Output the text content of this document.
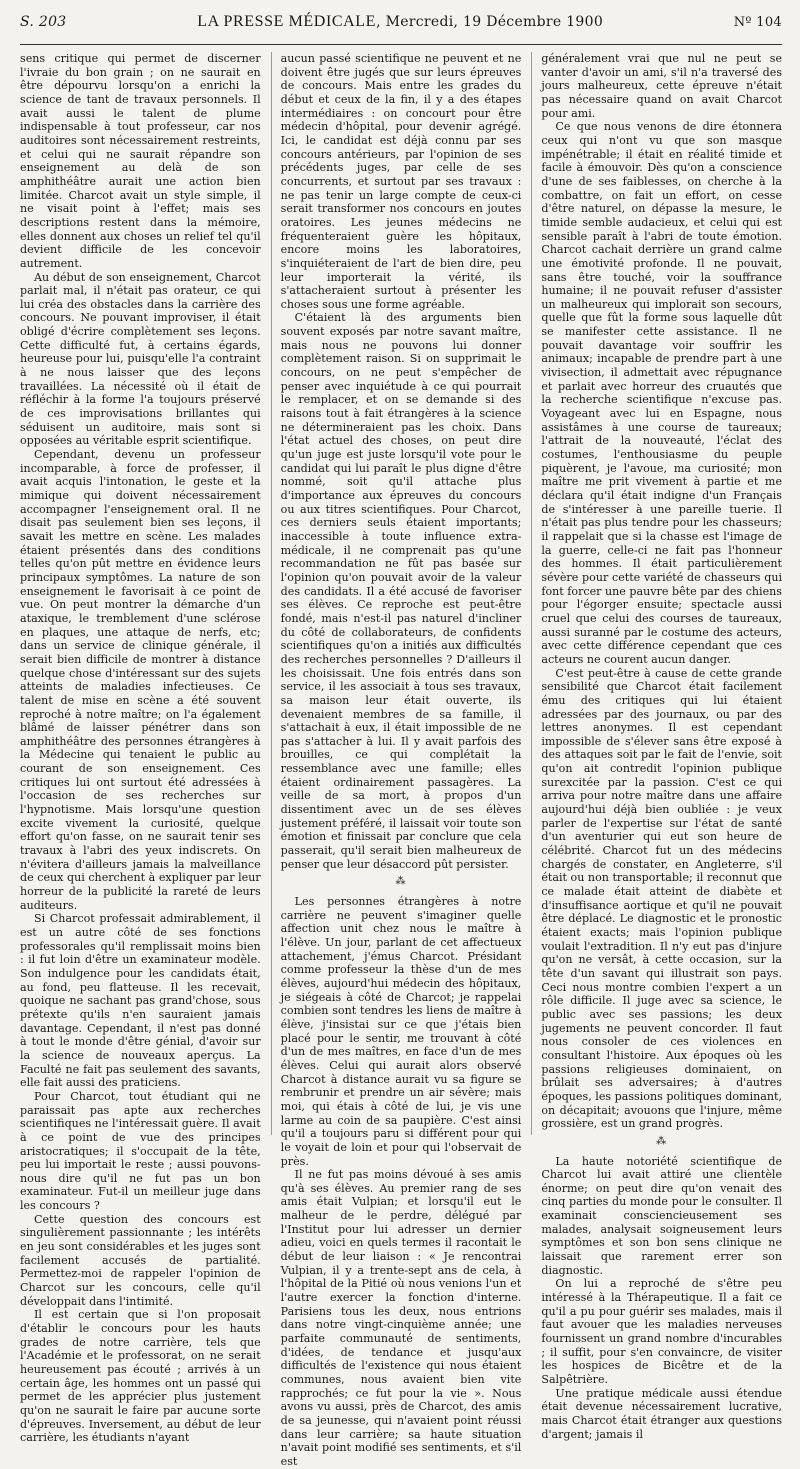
S. 203	LA PRESSE MÉDICALE, Mercredi, 19 Décembre 1900	Nº 104

sens critique qui permet de discerner l'ivraie du bon grain ; on ne saurait en être dépourvu lorsqu'on a enrichi la science de tant de travaux personnels. Il avait aussi le talent de plume indispensable à tout professeur, car nos auditoires sont nécessairement restreints, et celui qui ne saurait répandre son enseignement au delà de son amphithéâtre aurait une action bien limitée. Charcot avait un style simple, il ne visait point à l'effet; mais ses descriptions restent dans la mémoire, elles donnent aux choses un relief tel qu'il devient difficile de les concevoir autrement.

Au début de son enseignement, Charcot parlait mal, il n'était pas orateur, ce qui lui créa des obstacles dans la carrière des concours. Ne pouvant improviser, il était obligé d'écrire complètement ses leçons. Cette difficulté fut, à certains égards, heureuse pour lui, puisqu'elle l'a contraint à ne nous laisser que des leçons travaillées. La nécessité où il était de réfléchir à la forme l'a toujours préservé de ces improvisations brillantes qui séduisent un auditoire, mais sont si opposées au véritable esprit scientifique.

Cependant, devenu un professeur incomparable, à force de professer, il avait acquis l'intonation, le geste et la mimique qui doivent nécessairement accompagner l'enseignement oral. Il ne disait pas seulement bien ses leçons, il savait les mettre en scène. Les malades étaient présentés dans des conditions telles qu'on pût mettre en évidence leurs principaux symptômes. La nature de son enseignement le favorisait à ce point de vue. On peut montrer la démarche d'un ataxique, le tremblement d'une sclérose en plaques, une attaque de nerfs, etc; dans un service de clinique générale, il serait bien difficile de montrer à distance quelque chose d'intéressant sur des sujets atteints de maladies infectieuses. Ce talent de mise en scène a été souvent reproché à notre maître; on l'a également blâmé de laisser pénétrer dans son amphithéâtre des personnes étrangères à la Médecine qui tenaient le public au courant de son enseignement. Ces critiques lui ont surtout été adressées à l'occasion de ses recherches sur l'hypnotisme. Mais lorsqu'une question excite vivement la curiosité, quelque effort qu'on fasse, on ne saurait tenir ses travaux à l'abri des yeux indiscrets. On n'évitera d'ailleurs jamais la malveillance de ceux qui cherchent à expliquer par leur horreur de la publicité la rareté de leurs auditeurs.

Si Charcot professait admirablement, il est un autre côté de ses fonctions professorales qu'il remplissait moins bien : il fut loin d'être un examinateur modèle. Son indulgence pour les candidats était, au fond, peu flatteuse. Il les recevait, quoique ne sachant pas grand'chose, sous prétexte qu'ils n'en sauraient jamais davantage. Cependant, il n'est pas donné à tout le monde d'être génial, d'avoir sur la science de nouveaux aperçus. La Faculté ne fait pas seulement des savants, elle fait aussi des praticiens.

Pour Charcot, tout étudiant qui ne paraissait pas apte aux recherches scientifiques ne l'intéressait guère. Il avait à ce point de vue des principes aristocratiques; il s'occupait de la tête, peu lui importait le reste ; aussi pouvons-nous dire qu'il ne fut pas un bon examinateur. Fut-il un meilleur juge dans les concours ?

Cette question des concours est singulièrement passionnante ; les intérêts en jeu sont considérables et les juges sont facilement accusés de partialité. Permettez-moi de rappeler l'opinion de Charcot sur les concours, celle qu'il développait dans l'intimité.

Il est certain que si l'on proposait d'établir le concours pour les hauts grades de notre carrière, tels que l'Académie et le professorat, on ne serait heureusement pas écouté ; arrivés à un certain âge, les hommes ont un passé qui permet de les apprécier plus justement qu'on ne saurait le faire par aucune sorte d'épreuves. Inversement, au début de leur carrière, les étudiants n'ayant

aucun passé scientifique ne peuvent et ne doivent être jugés que sur leurs épreuves de concours. Mais entre les grades du début et ceux de la fin, il y a des étapes intermédiaires : on concourt pour être médecin d'hôpital, pour devenir agrégé. Ici, le candidat est déjà connu par ses concours antérieurs, par l'opinion de ses précédents juges, par celle de ses concurrents, et surtout par ses travaux : ne pas tenir un large compte de ceux-ci serait transformer nos concours en joutes oratoires. Les jeunes médecins ne fréquenteraient guère les hôpitaux, encore moins les laboratoires, s'inquiéteraient de l'art de bien dire, peu leur importerait la vérité, ils s'attacheraient surtout à présenter les choses sous une forme agréable.

C'étaient là des arguments bien souvent exposés par notre savant maître, mais nous ne pouvons lui donner complètement raison. Si on supprimait le concours, on ne peut s'empêcher de penser avec inquiétude à ce qui pourrait le remplacer, et on se demande si des raisons tout à fait étrangères à la science ne détermineraient pas les choix. Dans l'état actuel des choses, on peut dire qu'un juge est juste lorsqu'il vote pour le candidat qui lui paraît le plus digne d'être nommé, soit qu'il attache plus d'importance aux épreuves du concours ou aux titres scientifiques. Pour Charcot, ces derniers seuls étaient importants; inaccessible à toute influence extra-médicale, il ne comprenait pas qu'une recommandation ne fût pas basée sur l'opinion qu'on pouvait avoir de la valeur des candidats. Il a été accusé de favoriser ses élèves. Ce reproche est peut-être fondé, mais n'est-il pas naturel d'incliner du côté de collaborateurs, de confidents scientifiques qu'on a initiés aux difficultés des recherches personnelles ? D'ailleurs il les choisissait. Une fois entrés dans son service, il les associait à tous ses travaux, sa maison leur était ouverte, ils devenaient membres de sa famille, il s'attachait à eux, il était impossible de ne pas s'attacher à lui. Il y avait parfois des brouilles, ce qui complétait la ressemblance avec une famille; elles étaient ordinairement passagères. La veille de sa mort, à propos d'un dissentiment avec un de ses élèves justement préféré, il laissait voir toute son émotion et finissait par conclure que cela passerait, qu'il serait bien malheureux de penser que leur désaccord pût persister.

⁂

Les personnes étrangères à notre carrière ne peuvent s'imaginer quelle affection unit chez nous le maître à l'élève. Un jour, parlant de cet affectueux attachement, j'émus Charcot. Présidant comme professeur la thèse d'un de mes élèves, aujourd'hui médecin des hôpitaux, je siégeais à côté de Charcot; je rappelai combien sont tendres les liens de maître à élève, j'insistai sur ce que j'étais bien placé pour le sentir, me trouvant à côté d'un de mes maîtres, en face d'un de mes élèves. Celui qui aurait alors observé Charcot à distance aurait vu sa figure se rembrunir et prendre un air sévère; mais moi, qui étais à côté de lui, je vis une larme au coin de sa paupière. C'est ainsi qu'il a toujours paru si différent pour qui le voyait de loin et pour qui l'observait de près.

Il ne fut pas moins dévoué à ses amis qu'à ses élèves. Au premier rang de ses amis était Vulpian; et lorsqu'il eut le malheur de le perdre, délégué par l'Institut pour lui adresser un dernier adieu, voici en quels termes il racontait le début de leur liaison : « Je rencontrai Vulpian, il y a trente-sept ans de cela, à l'hôpital de la Pitié où nous venions l'un et l'autre exercer la fonction d'interne. Parisiens tous les deux, nous entrions dans notre vingt-cinquième année; une parfaite communauté de sentiments, d'idées, de tendance et jusqu'aux difficultés de l'existence qui nous étaient communes, nous avaient bien vite rapprochés; ce fut pour la vie ». Nous avons vu aussi, près de Charcot, des amis de sa jeunesse, qui n'avaient point réussi dans leur carrière; sa haute situation n'avait point modifié ses sentiments, et s'il est

généralement vrai que nul ne peut se vanter d'avoir un ami, s'il n'a traversé des jours malheureux, cette épreuve n'était pas nécessaire quand on avait Charcot pour ami.

Ce que nous venons de dire étonnera ceux qui n'ont vu que son masque impénétrable; il était en réalité timide et facile à émouvoir. Dès qu'on a conscience d'une de ses faiblesses, on cherche à la combattre, on fait un effort, on cesse d'être naturel, on dépasse la mesure, le timide semble audacieux, et celui qui est sensible paraît à l'abri de toute émotion. Charcot cachait derrière un grand calme une émotivité profonde. Il ne pouvait, sans être touché, voir la souffrance humaine; il ne pouvait refuser d'assister un malheureux qui implorait son secours, quelle que fût la forme sous laquelle dût se manifester cette assistance. Il ne pouvait davantage voir souffrir les animaux; incapable de prendre part à une vivisection, il admettait avec répugnance et parlait avec horreur des cruautés que la recherche scientifique n'excuse pas. Voyageant avec lui en Espagne, nous assistâmes à une course de taureaux; l'attrait de la nouveauté, l'éclat des costumes, l'enthousiasme du peuple piquèrent, je l'avoue, ma curiosité; mon maître me prit vivement à partie et me déclara qu'il était indigne d'un Français de s'intéresser à une pareille tuerie. Il n'était pas plus tendre pour les chasseurs; il rappelait que si la chasse est l'image de la guerre, celle-ci ne fait pas l'honneur des hommes. Il était particulièrement sévère pour cette variété de chasseurs qui font forcer une pauvre bête par des chiens pour l'égorger ensuite; spectacle aussi cruel que celui des courses de taureaux, aussi suranné par le costume des acteurs, avec cette différence cependant que ces acteurs ne courent aucun danger.

C'est peut-être à cause de cette grande sensibilité que Charcot était facilement ému des critiques qui lui étaient adressées par des journaux, ou par des lettres anonymes. Il est cependant impossible de s'élever sans être exposé à des attaques soit par le fait de l'envie, soit qu'on ait contredit l'opinion publique surexcitée par la passion. C'est ce qui arriva pour notre maître dans une affaire aujourd'hui déjà bien oubliée : je veux parler de l'expertise sur l'état de santé d'un aventurier qui eut son heure de célébrité. Charcot fut un des médecins chargés de constater, en Angleterre, s'il était ou non transportable; il reconnut que ce malade était atteint de diabète et d'insuffisance aortique et qu'il ne pouvait être déplacé. Le diagnostic et le pronostic étaient exacts; mais l'opinion publique voulait l'extradition. Il n'y eut pas d'injure qu'on ne versât, à cette occasion, sur la tête d'un savant qui illustrait son pays. Ceci nous montre combien l'expert a un rôle difficile. Il juge avec sa science, le public avec ses passions; les deux jugements ne peuvent concorder. Il faut nous consoler de ces violences en consultant l'histoire. Aux époques où les passions religieuses dominaient, on brûlait ses adversaires; à d'autres époques, les passions politiques dominant, on décapitait; avouons que l'injure, même grossière, est un grand progrès.

⁂

La haute notoriété scientifique de Charcot lui avait attiré une clientèle énorme; on peut dire qu'on venait des cinq parties du monde pour le consulter. Il examinait consciencieusement ses malades, analysait soigneusement leurs symptômes et son bon sens clinique ne laissait que rarement errer son diagnostic.

On lui a reproché de s'être peu intéressé à la Thérapeutique. Il a fait ce qu'il a pu pour guérir ses malades, mais il faut avouer que les maladies nerveuses fournissent un grand nombre d'incurables ; il suffit, pour s'en convaincre, de visiter les hospices de Bicêtre et de la Salpêtrière.

Une pratique médicale aussi étendue était devenue nécessairement lucrative, mais Charcot était étranger aux questions d'argent; jamais il
